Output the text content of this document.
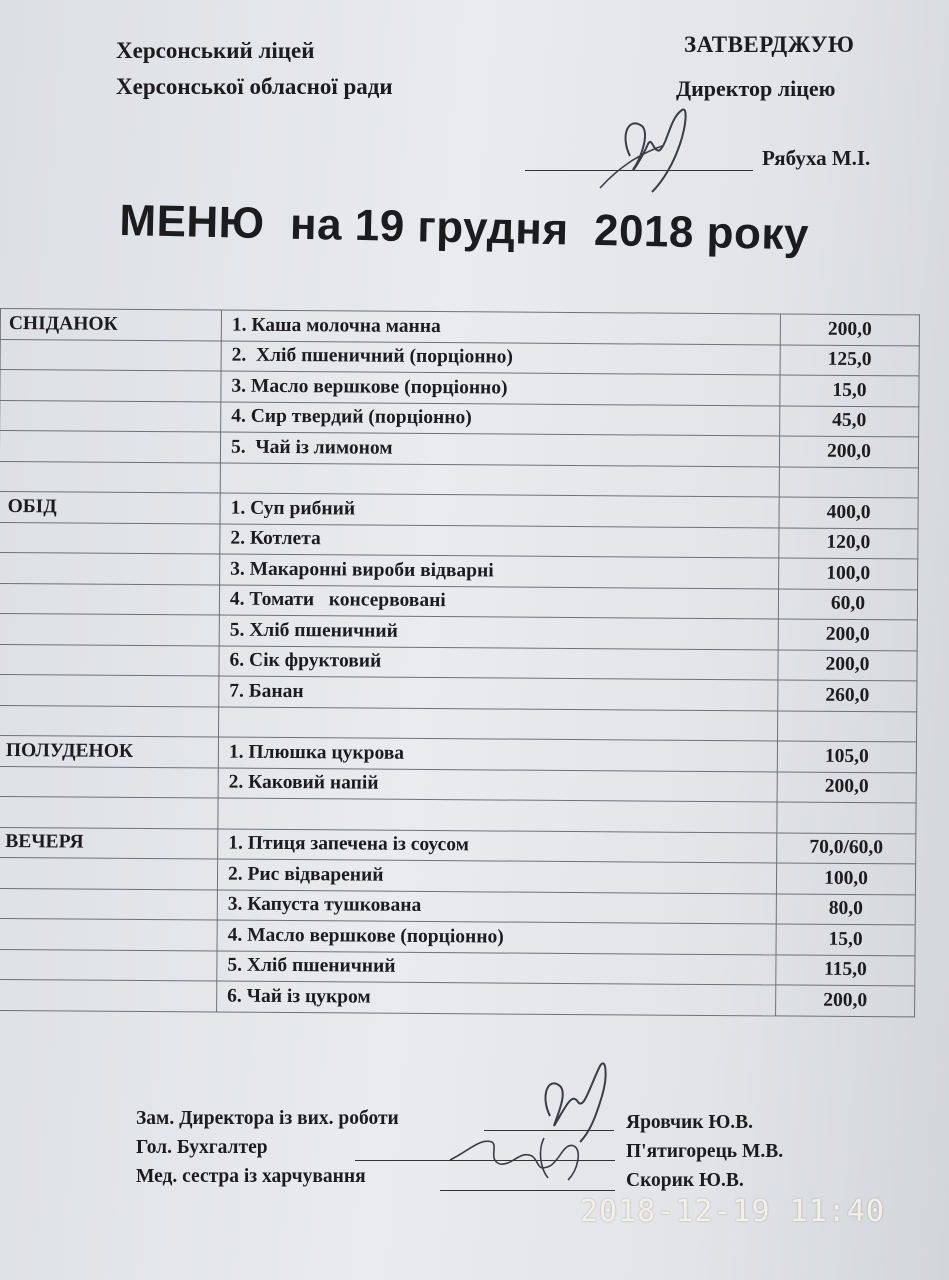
Херсонський ліцей
Херсонської обласної ради
ЗАТВЕРДЖУЮ
Директор ліцею
Рябуха М.І.
МЕНЮ  на 19 грудня  2018 року
СНІДАНОК	1. Каша молочна манна	200,0
	2.  Хліб пшеничний (порціонно)	125,0
	3. Масло вершкове (порціонно)	15,0
	4. Сир твердий (порціонно)	45,0
	5.  Чай із лимоном	200,0

ОБІД	1. Суп рибний	400,0
	2. Котлета	120,0
	3. Макаронні вироби відварні	100,0
	4. Томати   консервовані	60,0
	5. Хліб пшеничний	200,0
	6. Сік фруктовий	200,0
	7. Банан	260,0

ПОЛУДЕНОК	1. Плюшка цукрова	105,0
	2. Каковий напій	200,0

ВЕЧЕРЯ	1. Птиця запечена із соусом	70,0/60,0
	2. Рис відварений	100,0
	3. Капуста тушкована	80,0
	4. Масло вершкове (порціонно)	15,0
	5. Хліб пшеничний	115,0
	6. Чай із цукром	200,0
Зам. Директора із вих. роботи
Гол. Бухгалтер
Мед. сестра із харчування
Яровчик Ю.В.
П'ятигорець М.В.
Скорик Ю.В.
2018-12-19 11:40
